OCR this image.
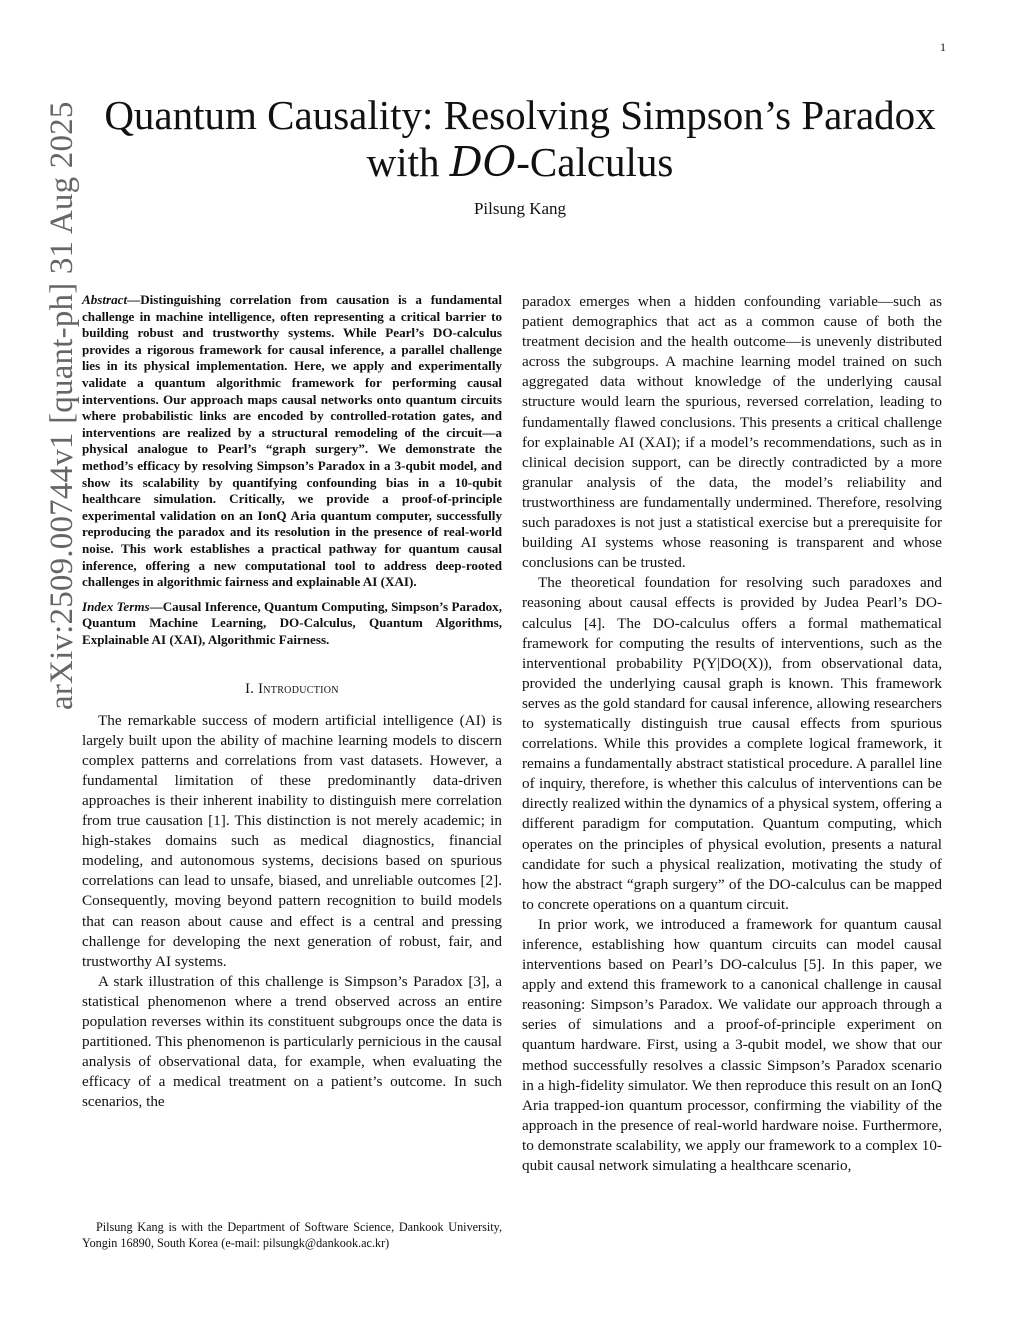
1
arXiv:2509.00744v1 [quant-ph] 31 Aug 2025 Quantum Causality: Resolving Simpson’s Paradox
with DO-Calculus
Pilsung Kang

Abstract—Distinguishing correlation from causation is a fundamental challenge in machine intelligence, often representing a critical barrier to building robust and trustworthy systems. While Pearl’s DO-calculus provides a rigorous framework for causal inference, a parallel challenge lies in its physical implementation. Here, we apply and experimentally validate a quantum algorithmic framework for performing causal interventions. Our approach maps causal networks onto quantum circuits where probabilistic links are encoded by controlled-rotation gates, and interventions are realized by a structural remodeling of the circuit—a physical analogue to Pearl’s “graph surgery”. We demonstrate the method’s efficacy by resolving Simpson’s Paradox in a 3-qubit model, and show its scalability by quantifying confounding bias in a 10-qubit healthcare simulation. Critically, we provide a proof-of-principle experimental validation on an IonQ Aria quantum computer, successfully reproducing the paradox and its resolution in the presence of real-world noise. This work establishes a practical pathway for quantum causal inference, offering a new computational tool to address deep-rooted challenges in algorithmic fairness and explainable AI (XAI).

Index Terms—Causal Inference, Quantum Computing, Simpson’s Paradox, Quantum Machine Learning, DO-Calculus, Quantum Algorithms, Explainable AI (XAI), Algorithmic Fairness.

I. Introduction

The remarkable success of modern artificial intelligence (AI) is largely built upon the ability of machine learning models to discern complex patterns and correlations from vast datasets. However, a fundamental limitation of these predominantly data-driven approaches is their inherent inability to distinguish mere correlation from true causation [1]. This distinction is not merely academic; in high-stakes domains such as medical diagnostics, financial modeling, and autonomous systems, decisions based on spurious correlations can lead to unsafe, biased, and unreliable outcomes [2]. Consequently, moving beyond pattern recognition to build models that can reason about cause and effect is a central and pressing challenge for developing the next generation of robust, fair, and trustworthy AI systems.

A stark illustration of this challenge is Simpson’s Paradox [3], a statistical phenomenon where a trend observed across an entire population reverses within its constituent subgroups once the data is partitioned. This phenomenon is particularly pernicious in the causal analysis of observational data, for example, when evaluating the efficacy of a medical treatment on a patient’s outcome. In such scenarios, the

paradox emerges when a hidden confounding variable—such as patient demographics that act as a common cause of both the treatment decision and the health outcome—is unevenly distributed across the subgroups. A machine learning model trained on such aggregated data without knowledge of the underlying causal structure would learn the spurious, reversed correlation, leading to fundamentally flawed conclusions. This presents a critical challenge for explainable AI (XAI); if a model’s recommendations, such as in clinical decision support, can be directly contradicted by a more granular analysis of the data, the model’s reliability and trustworthiness are fundamentally undermined. Therefore, resolving such paradoxes is not just a statistical exercise but a prerequisite for building AI systems whose reasoning is transparent and whose conclusions can be trusted.

The theoretical foundation for resolving such paradoxes and reasoning about causal effects is provided by Judea Pearl’s DO-calculus [4]. The DO-calculus offers a formal mathematical framework for computing the results of interventions, such as the interventional probability P(Y|DO(X)), from observational data, provided the underlying causal graph is known. This framework serves as the gold standard for causal inference, allowing researchers to systematically distinguish true causal effects from spurious correlations. While this provides a complete logical framework, it remains a fundamentally abstract statistical procedure. A parallel line of inquiry, therefore, is whether this calculus of interventions can be directly realized within the dynamics of a physical system, offering a different paradigm for computation. Quantum computing, which operates on the principles of physical evolution, presents a natural candidate for such a physical realization, motivating the study of how the abstract “graph surgery” of the DO-calculus can be mapped to concrete operations on a quantum circuit.

In prior work, we introduced a framework for quantum causal inference, establishing how quantum circuits can model causal interventions based on Pearl’s DO-calculus [5]. In this paper, we apply and extend this framework to a canonical challenge in causal reasoning: Simpson’s Paradox. We validate our approach through a series of simulations and a proof-of-principle experiment on quantum hardware. First, using a 3-qubit model, we show that our method successfully resolves a classic Simpson’s Paradox scenario in a high-fidelity simulator. We then reproduce this result on an IonQ Aria trapped-ion quantum processor, confirming the viability of the approach in the presence of real-world hardware noise. Furthermore, to demonstrate scalability, we apply our framework to a complex 10-qubit causal network simulating a healthcare scenario,

Pilsung Kang is with the Department of Software Science, Dankook University, Yongin 16890, South Korea (e-mail: pilsungk@dankook.ac.kr)
